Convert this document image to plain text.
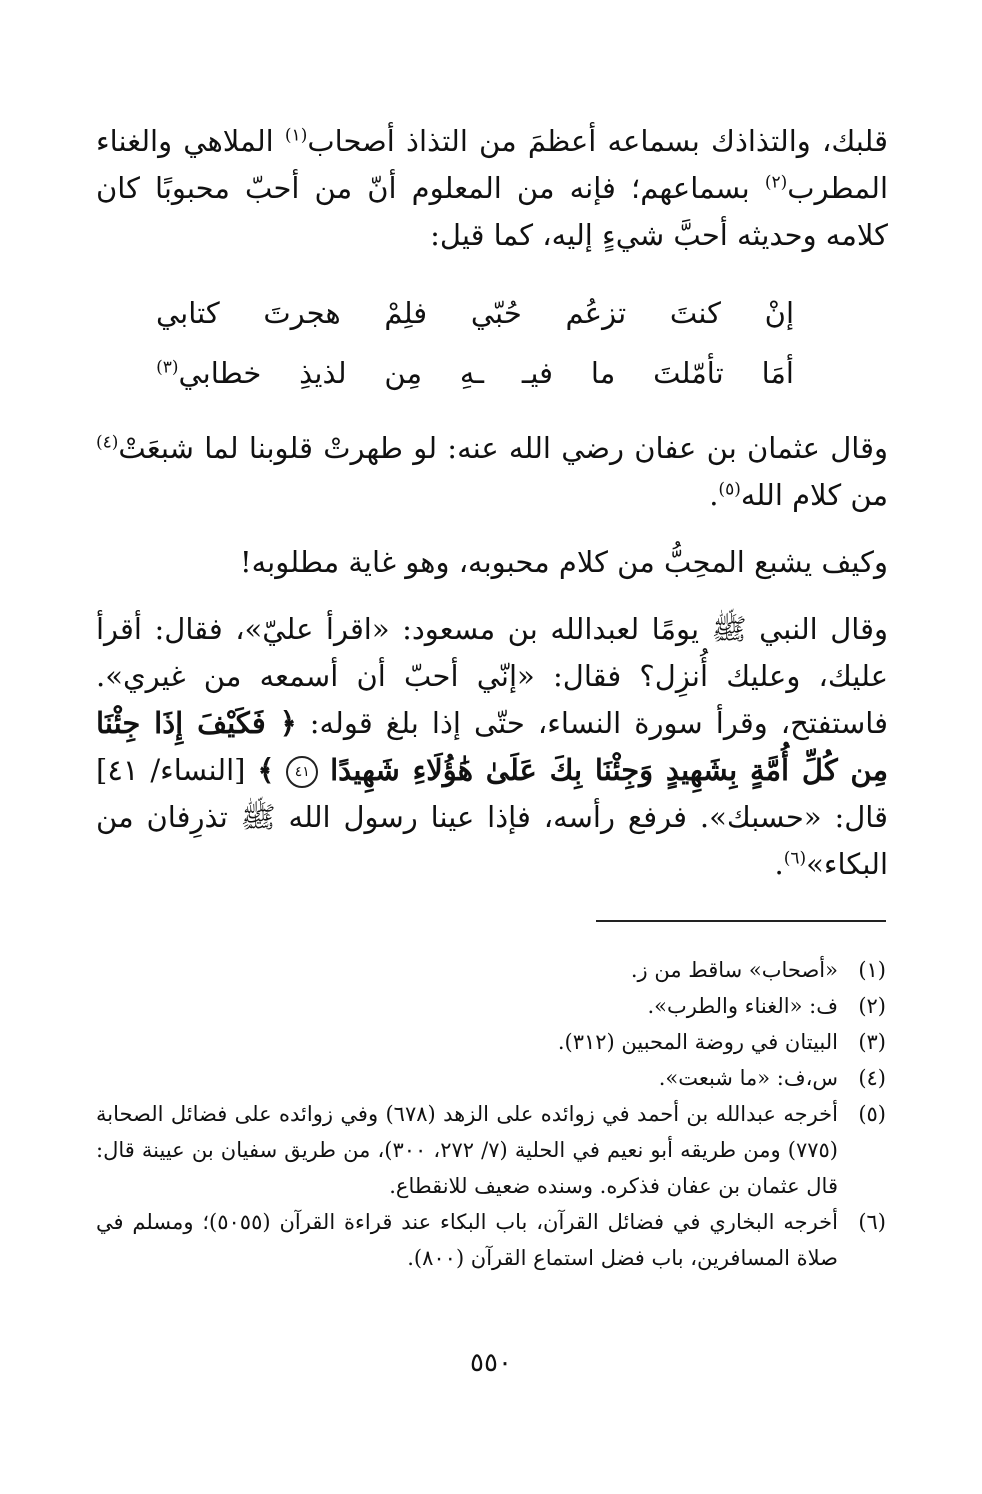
قلبك، والتذاذك بسماعه أعظمَ من التذاذ أصحاب$^{(١)}$ الملاهي والغناء المطرب$^{(٢)}$ بسماعهم؛ فإنه من المعلوم أنّ من أحبّ محبوبًا كان كلامه وحديثه أحبَّ شيءٍ إليه، كما قيل:

إنْ
كنتَ
تزعُم
حُبّي
فلِمْ
هجرتَ
كتابي
أمَا
تأمّلتَ
ما
فيـ
ـهِ
مِن
لذيذِ
خطابي$^{(٣)}$

وقال عثمان بن عفان رضي الله عنه: لو طهرتْ قلوبنا لما شبعَتْ$^{(٤)}$ من كلام الله$^{(٥)}$.

وكيف يشبع المحِبُّ من كلام محبوبه، وهو غاية مطلوبه!

وقال النبي ﷺ يومًا لعبدالله بن مسعود: «اقرأ عليّ»، فقال: أقرأ عليك، وعليك أُنزِل؟ فقال: «إنّي أحبّ أن أسمعه من غيري». فاستفتح، وقرأ سورة النساء، حتّى إذا بلغ قوله: ﴿ فَكَيْفَ إِذَا جِئْنَا مِن كُلِّ أُمَّةٍ بِشَهِيدٍ وَجِئْنَا بِكَ عَلَىٰ هَٰؤُلَاءِ شَهِيدًا ٤١ ﴾ [النساء/ ٤١] قال: «حسبك». فرفع رأسه، فإذا عينا رسول الله ﷺ تذرِفان من البكاء»$^{(٦)}$.

(١)
«أصحاب» ساقط من ز.

(٢)
ف: «الغناء والطرب».

(٣)
البيتان في روضة المحبين (٣١٢).

(٤)
س،ف: «ما شبعت».

(٥)
أخرجه عبدالله بن أحمد في زوائده على الزهد (٦٧٨) وفي زوائده على فضائل الصحابة (٧٧٥) ومن طريقه أبو نعيم في الحلية (٧/ ٢٧٢، ٣٠٠)، من طريق سفيان بن عيينة قال: قال عثمان بن عفان فذكره. وسنده ضعيف للانقطاع.

(٦)
أخرجه البخاري في فضائل القرآن، باب البكاء عند قراءة القرآن (٥٠٥٥)؛ ومسلم في صلاة المسافرين، باب فضل استماع القرآن (٨٠٠).

٥٥٠
